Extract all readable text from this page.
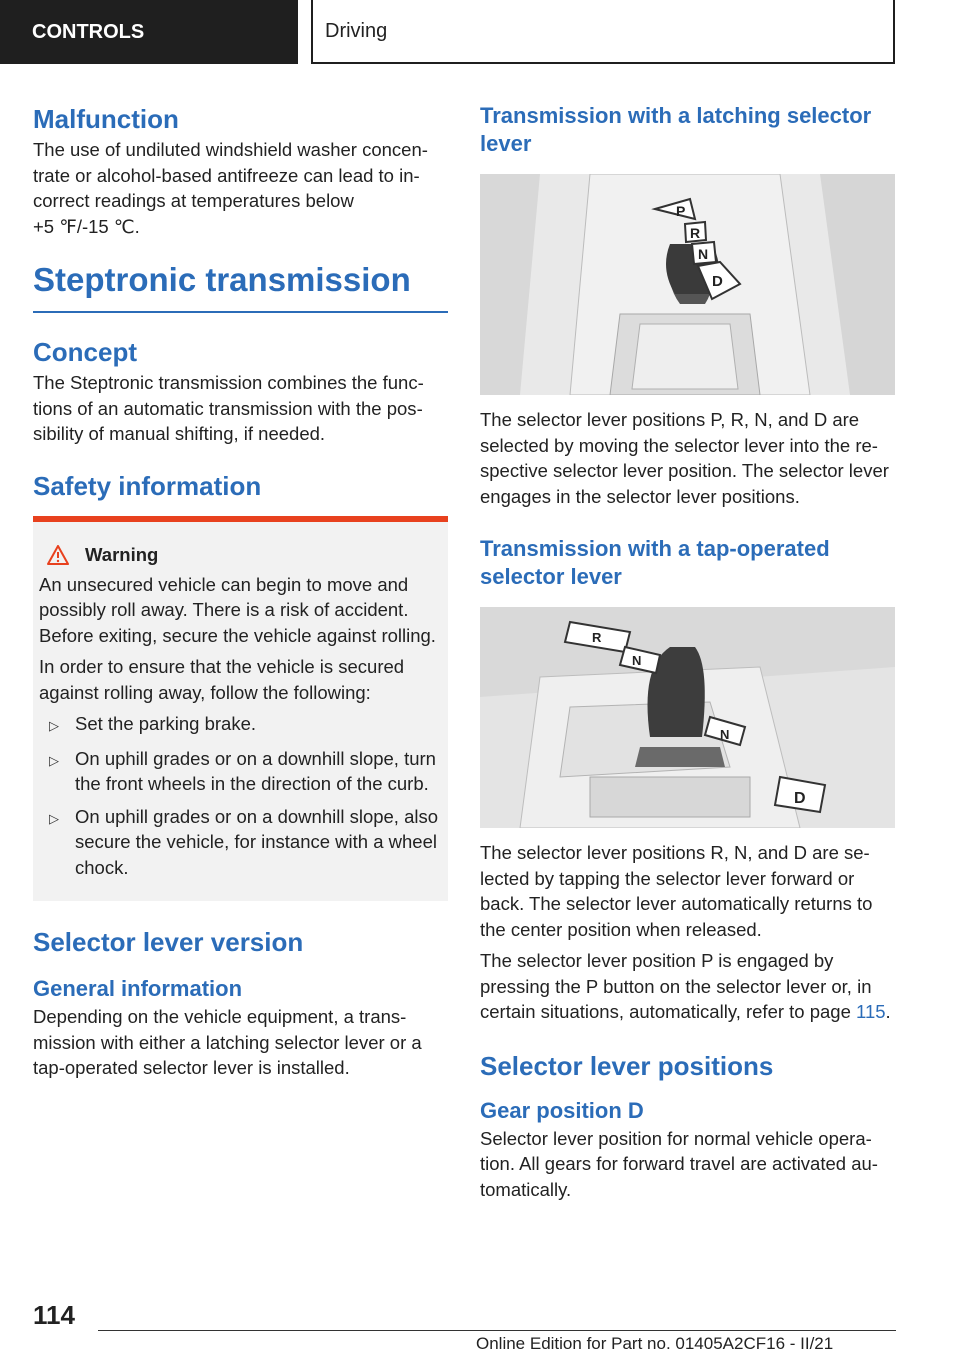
CONTROLS	Driving
Malfunction

The use of undiluted windshield washer concentrate or alcohol-based antifreeze can lead to incorrect readings at temperatures below

+5 ℉/-15 ℃.

Steptronic transmission
Concept

The Steptronic transmission combines the functions of an automatic transmission with the possibility of manual shifting, if needed.

Safety information
Warning

An unsecured vehicle can begin to move and possibly roll away. There is a risk of accident. Before exiting, secure the vehicle against rolling.

In order to ensure that the vehicle is secured against rolling away, follow the following:

▷ Set the parking brake.
▷ On uphill grades or on a downhill slope, turn the front wheels in the direction of the curb.
▷ On uphill grades or on a downhill slope, also secure the vehicle, for instance with a wheel chock.
Selector lever version
General information

Depending on the vehicle equipment, a transmission with either a latching selector lever or a tap-operated selector lever is installed.

Transmission with a latching selector lever
P
R
N
D

The selector lever positions P, R, N, and D are selected by moving the selector lever into the respective selector lever position. The selector lever engages in the selector lever positions.

Transmission with a tap-operated selector lever
R
N
N
D

The selector lever positions R, N, and D are selected by tapping the selector lever forward or back. The selector lever automatically returns to the center position when released.

The selector lever position P is engaged by pressing the P button on the selector lever or, in certain situations, automatically, refer to page 115.

Selector lever positions
Gear position D

Selector lever position for normal vehicle operation. All gears for forward travel are activated automatically.

114
Online Edition for Part no. 01405A2CF16 - II/21
